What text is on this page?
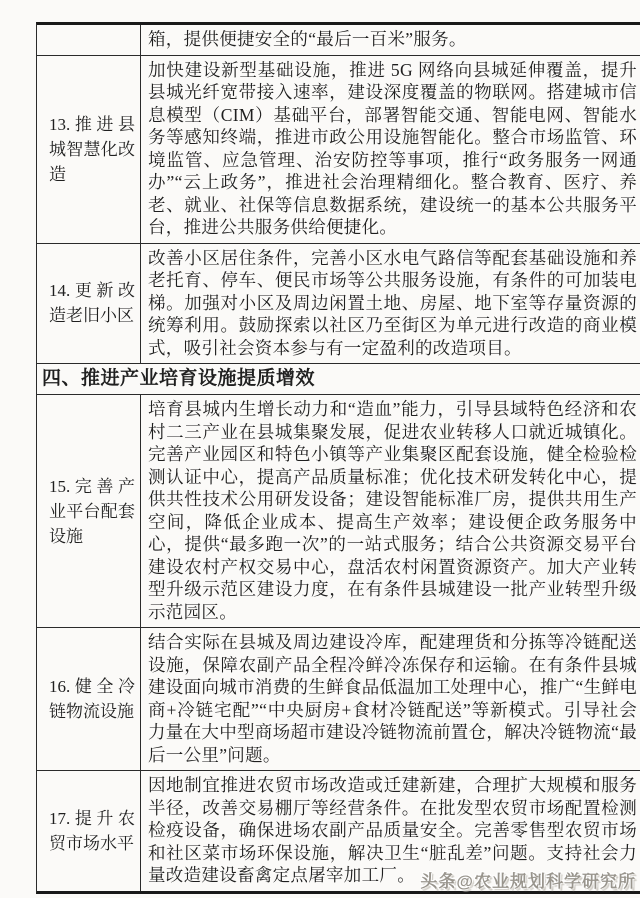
箱，提供便捷安全的“最后一百米”服务。
13.推进县城智慧化改造
加快建设新型基础设施，推进 5G 网络向县城延伸覆盖，提升县城光纤宽带接入速率，建设深度覆盖的物联网。搭建城市信息模型（CIM）基础平台，部署智能交通、智能电网、智能水务等感知终端，推进市政公用设施智能化。整合市场监管、环境监管、应急管理、治安防控等事项，推行“政务服务一网通办”“云上政务”，推进社会治理精细化。整合教育、医疗、养老、就业、社保等信息数据系统，建设统一的基本公共服务平台，推进公共服务供给便捷化。
14.更新改造老旧小区
改善小区居住条件，完善小区水电气路信等配套基础设施和养老托育、停车、便民市场等公共服务设施，有条件的可加装电梯。加强对小区及周边闲置土地、房屋、地下室等存量资源的统筹利用。鼓励探索以社区乃至街区为单元进行改造的商业模式，吸引社会资本参与有一定盈利的改造项目。
四、推进产业培育设施提质增效
15.完善产业平台配套设施
培育县城内生增长动力和“造血”能力，引导县域特色经济和农村二三产业在县城集聚发展，促进农业转移人口就近城镇化。完善产业园区和特色小镇等产业集聚区配套设施，健全检验检测认证中心，提高产品质量标准；优化技术研发转化中心，提供共性技术公用研发设备；建设智能标准厂房，提供共用生产空间，降低企业成本、提高生产效率；建设便企政务服务中心，提供“最多跑一次”的一站式服务；结合公共资源交易平台建设农村产权交易中心，盘活农村闲置资源资产。加大产业转型升级示范区建设力度，在有条件县城建设一批产业转型升级示范园区。
16.健全冷链物流设施
结合实际在县城及周边建设冷库，配建理货和分拣等冷链配送设施，保障农副产品全程冷鲜冷冻保存和运输。在有条件县城建设面向城市消费的生鲜食品低温加工处理中心，推广“生鲜电商+冷链宅配”“中央厨房+食材冷链配送”等新模式。引导社会力量在大中型商场超市建设冷链物流前置仓，解决冷链物流“最后一公里”问题。
17.提升农贸市场水平
因地制宜推进农贸市场改造或迁建新建，合理扩大规模和服务半径，改善交易棚厅等经营条件。在批发型农贸市场配置检测检疫设备，确保进场农副产品质量安全。完善零售型农贸市场和社区菜市场环保设施，解决卫生“脏乱差”问题。支持社会力量改造建设畜禽定点屠宰加工厂。 头条@农业规划科学研究所
